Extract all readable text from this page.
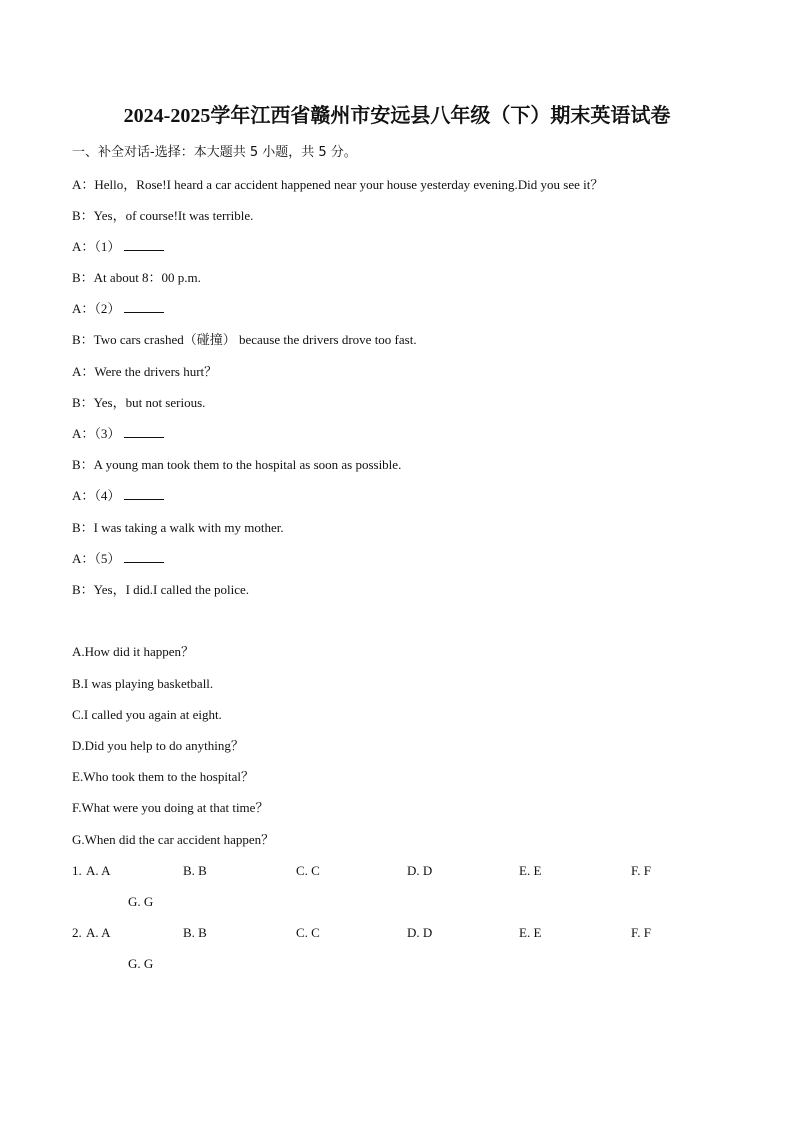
2024-2025学年江西省赣州市安远县八年级（下）期末英语试卷
一、补全对话-选择：本大题共 5 小题，共 5 分。
A：Hello，Rose!I heard a car accident happened near your house yesterday evening.Did you see it？
B：Yes，of course!It was terrible.
A：（1）
B：At about 8：00 p.m.
A：（2）
B：Two cars crashed（碰撞） because the drivers drove too fast.
A：Were the drivers hurt？
B：Yes，but not serious.
A：（3）
B：A young man took them to the hospital as soon as possible.
A：（4）
B：I was taking a walk with my mother.
A：（5）
B：Yes，I did.I called the police.
A.How did it happen？
B.I was playing basketball.
C.I called you again at eight.
D.Did you help to do anything？
E.Who took them to the hospital？
F.What were you doing at that time？
G.When did the car accident happen？
1. A. A	B. B	C. C	D. D	E. E	F. F
G. G
2. A. A	B. B	C. C	D. D	E. E	F. F
G. G
